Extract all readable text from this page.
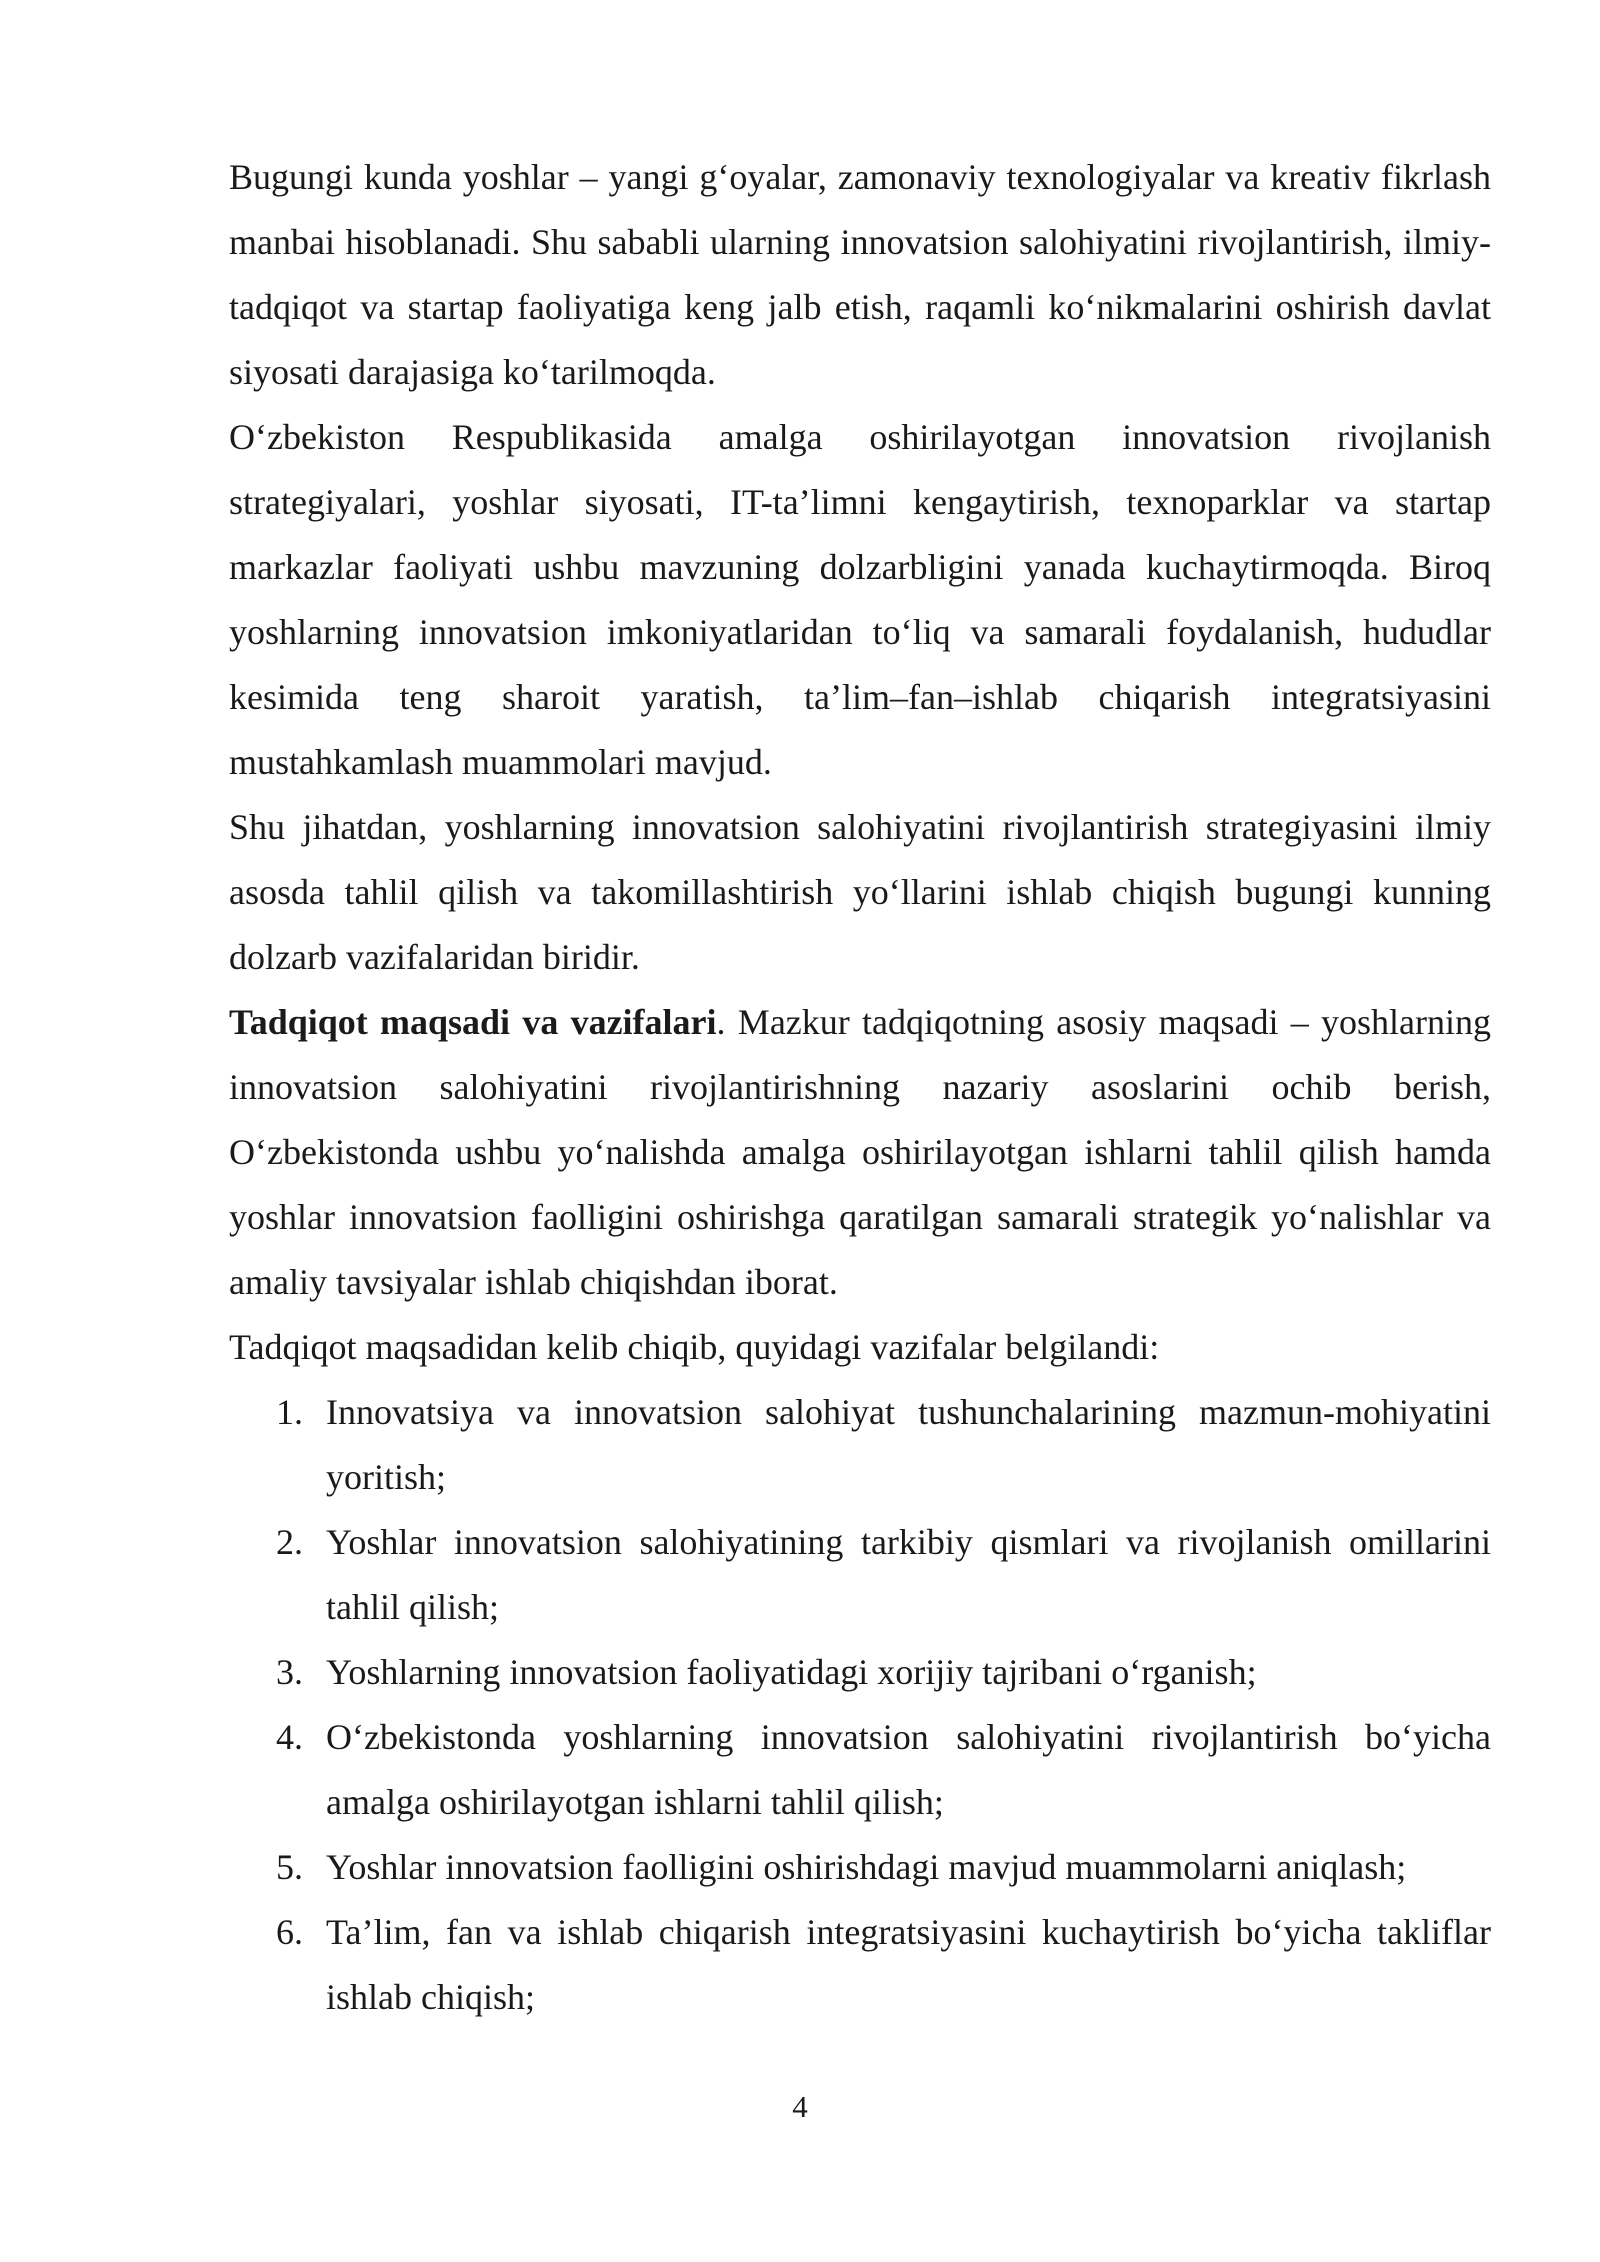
Bugungi kunda yoshlar – yangi g‘oyalar, zamonaviy texnologiyalar va kreativ fikrlash manbai hisoblanadi. Shu sababli ularning innovatsion salohiyatini rivojlantirish, ilmiy-tadqiqot va startap faoliyatiga keng jalb etish, raqamli ko‘nikmalarini oshirish davlat siyosati darajasiga ko‘tarilmoqda.

O‘zbekiston Respublikasida amalga oshirilayotgan innovatsion rivojlanish strategiyalari, yoshlar siyosati, IT-ta’limni kengaytirish, texnoparklar va startap markazlar faoliyati ushbu mavzuning dolzarbligini yanada kuchaytirmoqda. Biroq yoshlarning innovatsion imkoniyatlaridan to‘liq va samarali foydalanish, hududlar kesimida teng sharoit yaratish, ta’lim–fan–ishlab chiqarish integratsiyasini mustahkamlash muammolari mavjud.

Shu jihatdan, yoshlarning innovatsion salohiyatini rivojlantirish strategiyasini ilmiy asosda tahlil qilish va takomillashtirish yo‘llarini ishlab chiqish bugungi kunning dolzarb vazifalaridan biridir.

Tadqiqot maqsadi va vazifalari. Mazkur tadqiqotning asosiy maqsadi – yoshlarning innovatsion salohiyatini rivojlantirishning nazariy asoslarini ochib berish, O‘zbekistonda ushbu yo‘nalishda amalga oshirilayotgan ishlarni tahlil qilish hamda yoshlar innovatsion faolligini oshirishga qaratilgan samarali strategik yo‘nalishlar va amaliy tavsiyalar ishlab chiqishdan iborat.

Tadqiqot maqsadidan kelib chiqib, quyidagi vazifalar belgilandi:

1. Innovatsiya va innovatsion salohiyat tushunchalarining mazmun-mohiyatini yoritish;
2. Yoshlar innovatsion salohiyatining tarkibiy qismlari va rivojlanish omillarini tahlil qilish;
3. Yoshlarning innovatsion faoliyatidagi xorijiy tajribani o‘rganish;
4. O‘zbekistonda yoshlarning innovatsion salohiyatini rivojlantirish bo‘yicha amalga oshirilayotgan ishlarni tahlil qilish;
5. Yoshlar innovatsion faolligini oshirishdagi mavjud muammolarni aniqlash;
6. Ta’lim, fan va ishlab chiqarish integratsiyasini kuchaytirish bo‘yicha takliflar ishlab chiqish;
4
